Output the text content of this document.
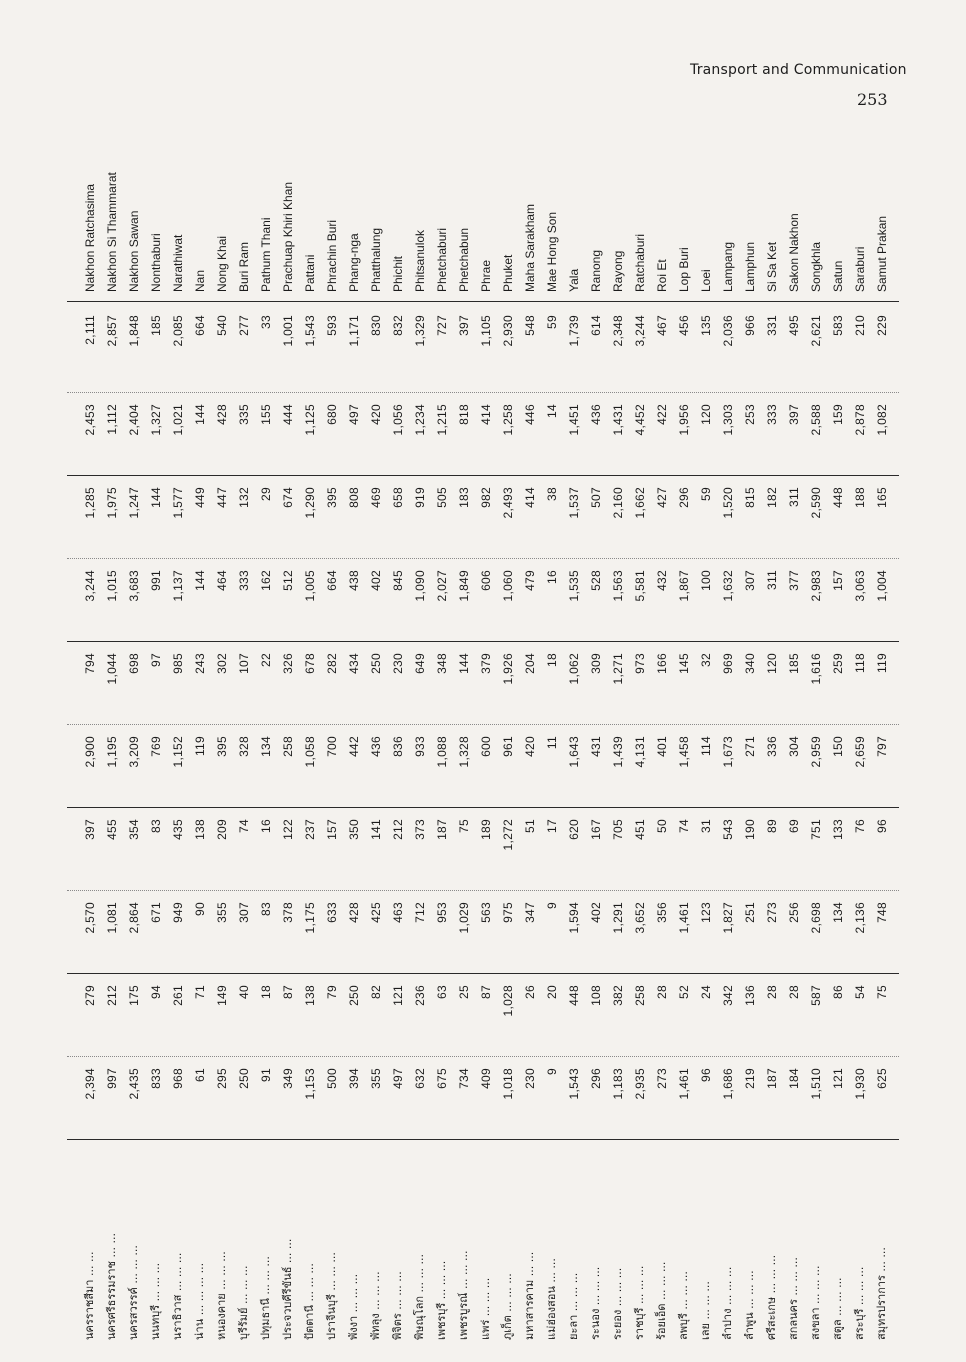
Transport and Communication
253
นครราชสีมา ... ...
2,394
279
2,570
397
2,900
794
3,244
1,285
2,453
2,111
Nakhon Ratchasima
นครศรีธรรมราช ... ...
997
212
1,081
455
1,195
1,044
1,015
1,975
1,112
2,857
Nakhon Si Thammarat
นครสวรรค์ ... ... ...
2,435
175
2,864
354
3,209
698
3,683
1,247
2,404
1,848
Nakhon Sawan
นนทบุรี ... ... ...
833
94
671
83
769
97
991
144
1,327
185
Nonthaburi
นราธิวาส ... ... ...
968
261
949
435
1,152
985
1,137
1,577
1,021
2,085
Narathiwat
น่าน ... ... ... ...
61
71
90
138
119
243
144
449
144
664
Nan
หนองคาย ... ... ...
295
149
355
209
395
302
464
447
428
540
Nong Khai
บุรีรัมย์ ... ... ...
250
40
307
74
328
107
333
132
335
277
Buri Ram
ปทุมธานี ... ... ...
91
18
83
16
134
22
162
29
155
33
Pathum Thani
ประจวบคีรีขันธ์ ... ...
349
87
378
122
258
326
512
674
444
1,001
Prachuap Khiri Khan
ปัตตานี ... ... ...
1,153
138
1,175
237
1,058
678
1,005
1,290
1,125
1,543
Pattani
ปราจีนบุรี ... ... ...
500
79
633
157
700
282
664
395
680
593
Phrachin Buri
พังงา ... ... ...
394
250
428
350
442
434
438
808
497
1,171
Phang-nga
พัทลุง ... ... ...
355
82
425
141
436
250
402
469
420
830
Phatthalung
พิจิตร ... ... ...
497
121
463
212
836
230
845
658
1,056
832
Phichit
พิษณุโลก ... ... ...
632
236
712
373
933
649
1,090
919
1,234
1,329
Phitsanulok
เพชรบุรี ... ... ...
675
63
953
187
1,088
348
2,027
505
1,215
727
Phetchaburi
เพชรบูรณ์ ... ... ...
734
25
1,029
75
1,328
144
1,849
183
818
397
Phetchabun
แพร่ ... ... ...
409
87
563
189
600
379
606
982
414
1,105
Phrae
ภูเก็ต ... ... ...
1,018
1,028
975
1,272
961
1,926
1,060
2,493
1,258
2,930
Phuket
มหาสารคาม ... ...
230
26
347
51
420
204
479
414
446
548
Maha Sarakham
แม่ฮ่องสอน ... ...
9
20
9
17
11
18
16
38
14
59
Mae Hong Son
ยะลา ... ... ...
1,543
448
1,594
620
1,643
1,062
1,535
1,537
1,451
1,739
Yala
ระนอง ... ... ...
296
108
402
167
431
309
528
507
436
614
Ranong
ระยอง ... ... ...
1,183
382
1,291
705
1,439
1,271
1,563
2,160
1,431
2,348
Rayong
ราชบุรี ... ... ...
2,935
258
3,652
451
4,131
973
5,581
1,662
4,452
3,244
Ratchaburi
ร้อยเอ็ด ... ... ...
273
28
356
50
401
166
432
427
422
467
Roi Et
ลพบุรี ... ... ...
1,461
52
1,461
74
1,458
145
1,867
296
1,956
456
Lop Buri
เลย ... ... ...
96
24
123
31
114
32
100
59
120
135
Loei
ลำปาง ... ... ...
1,686
342
1,827
543
1,673
969
1,632
1,520
1,303
2,036
Lampang
ลำพูน ... ... ...
219
136
251
190
271
340
307
815
253
966
Lamphun
ศรีสะเกษ ... ... ...
187
28
273
89
336
120
311
182
333
331
Si Sa Ket
สกลนคร ... ... ...
184
28
256
69
304
185
377
311
397
495
Sakon Nakhon
สงขลา ... ... ...
1,510
587
2,698
751
2,959
1,616
2,983
2,590
2,588
2,621
Songkhla
สตูล ... ... ...
121
86
134
133
150
259
157
448
159
583
Satun
สระบุรี ... ... ...
1,930
54
2,136
76
2,659
118
3,063
188
2,878
210
Saraburi
สมุทรปราการ ... ...
625
75
748
96
797
119
1,004
165
1,082
229
Samut Prakan
